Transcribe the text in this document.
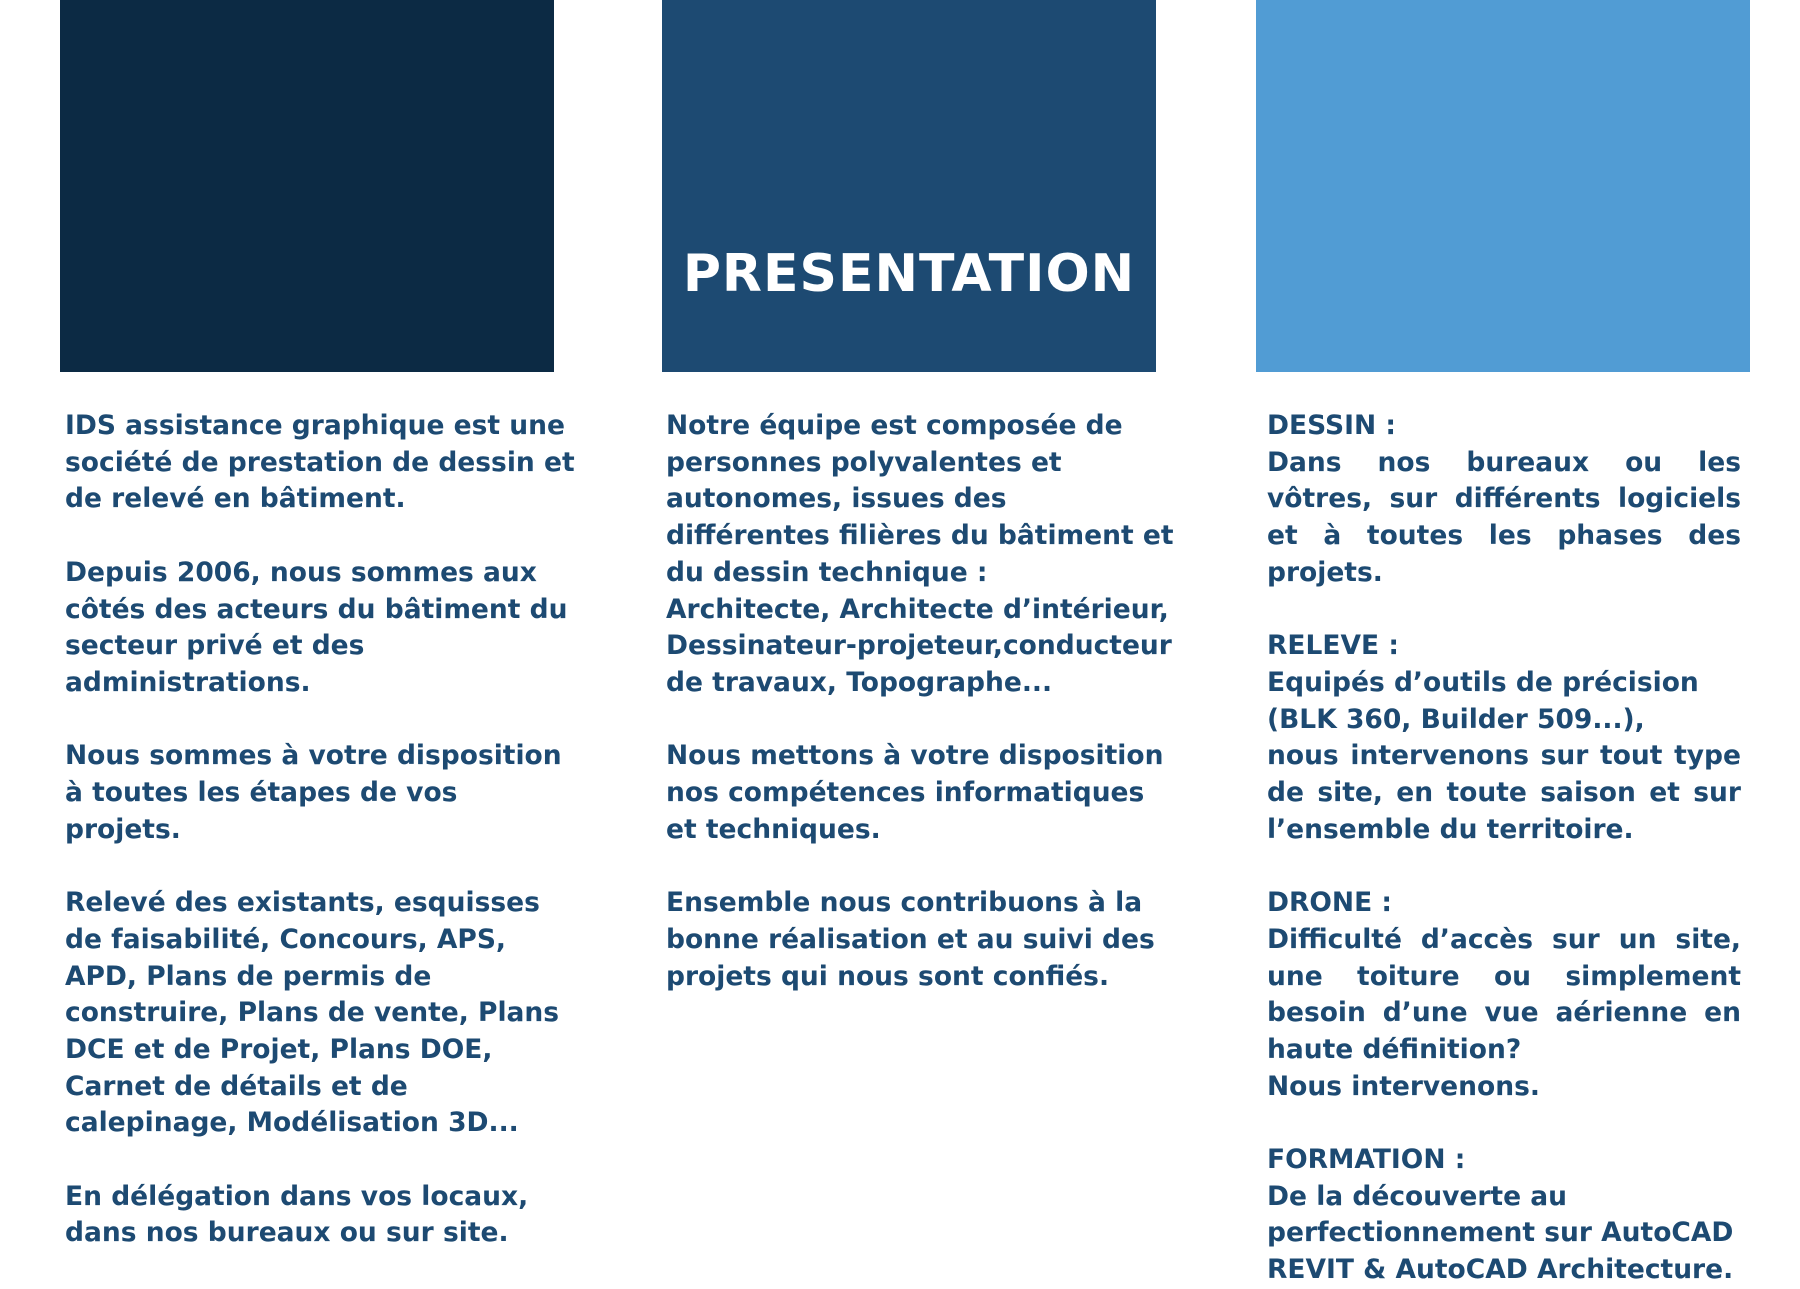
PRESENTATION

IDS assistance graphique est une
société de prestation de dessin et
de relevé en bâtiment.

Depuis 2006, nous sommes aux
côtés des acteurs du bâtiment du
secteur privé et des
administrations.

Nous sommes à votre disposition
à toutes les étapes de vos projets.

Relevé des existants, esquisses
de faisabilité, Concours, APS,
APD, Plans de permis de
construire, Plans de vente, Plans
DCE et de Projet, Plans DOE,
Carnet de détails et de
calepinage, Modélisation 3D...

En délégation dans vos locaux,
dans nos bureaux ou sur site.

Notre équipe est composée de
personnes polyvalentes et
autonomes, issues des
différentes filières du bâtiment et
du dessin technique :
Architecte, Architecte d’intérieur,
Dessinateur-projeteur,conducteur
de travaux, Topographe...

Nous mettons à votre disposition
nos compétences informatiques
et techniques.

Ensemble nous contribuons à la
bonne réalisation et au suivi des
projets qui nous sont confiés.

DESSIN :
Dans nos bureaux ou les vôtres, sur différents logiciels et à toutes les phases des projets.
RELEVE :
Equipés d’outils de précision
(BLK 360, Builder 509...),
nous intervenons sur tout type de site, en toute saison et sur l’ensemble du territoire.
DRONE :
Difficulté d’accès sur un site, une toiture ou simplement besoin d’une vue aérienne en haute définition?
Nous intervenons.
FORMATION :
De la découverte au
perfectionnement sur AutoCAD
REVIT & AutoCAD Architecture.
